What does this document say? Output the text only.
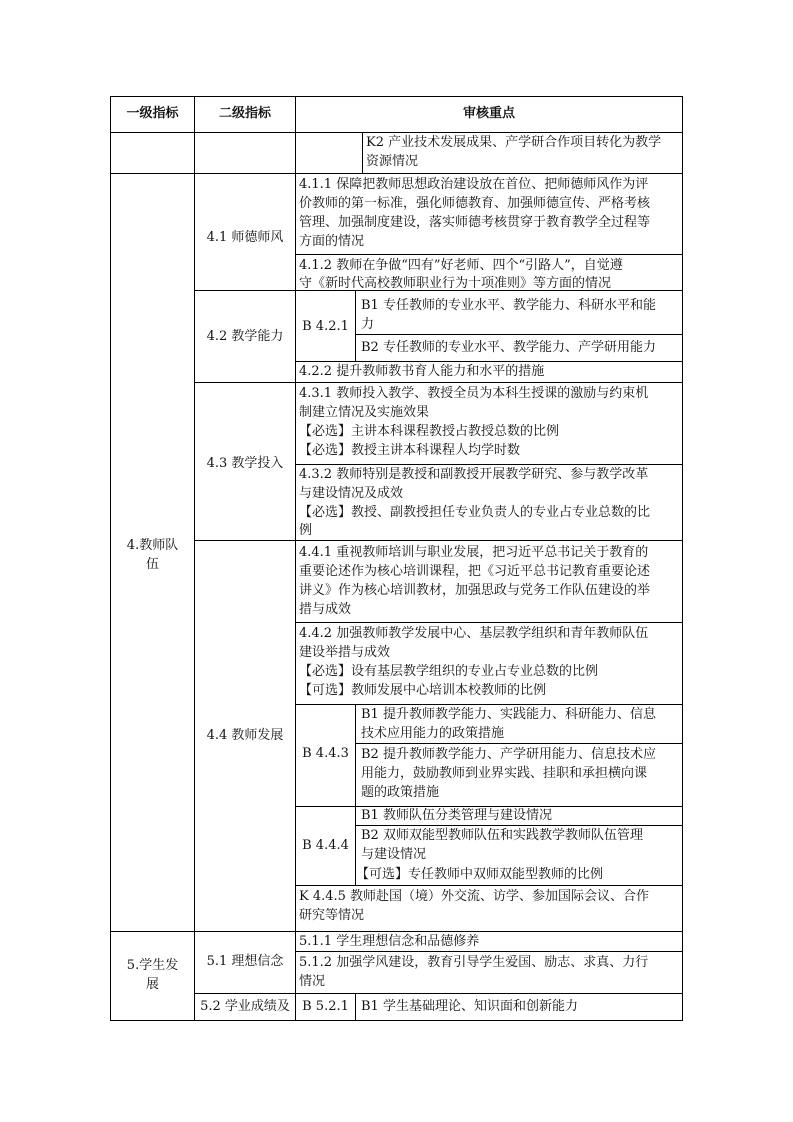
一级指标	二级指标	审核重点
K2 产业技术发展成果、产学研合作项目转化为教学
资源情况
4.教师队
伍
4.1 师德师风
4.1.1 保障把教师思想政治建设放在首位、把师德师风作为评
价教师的第一标准，强化师德教育、加强师德宣传、严格考核
管理、加强制度建设，落实师德考核贯穿于教育教学全过程等
方面的情况
4.1.2 教师在争做“四有”好老师、四个“引路人”，自觉遵
守《新时代高校教师职业行为十项准则》等方面的情况
4.2 教学能力
B 4.2.1
B1 专任教师的专业水平、教学能力、科研水平和能
力
B2 专任教师的专业水平、教学能力、产学研用能力
4.2.2 提升教师教书育人能力和水平的措施
4.3 教学投入
4.3.1 教师投入教学、教授全员为本科生授课的激励与约束机
制建立情况及实施效果
【必选】主讲本科课程教授占教授总数的比例
【必选】教授主讲本科课程人均学时数
4.3.2 教师特别是教授和副教授开展教学研究、参与教学改革
与建设情况及成效
【必选】教授、副教授担任专业负责人的专业占专业总数的比
例
4.4 教师发展
4.4.1 重视教师培训与职业发展，把习近平总书记关于教育的
重要论述作为核心培训课程，把《习近平总书记教育重要论述
讲义》作为核心培训教材，加强思政与党务工作队伍建设的举
措与成效
4.4.2 加强教师教学发展中心、基层教学组织和青年教师队伍
建设举措与成效
【必选】设有基层教学组织的专业占专业总数的比例
【可选】教师发展中心培训本校教师的比例
B 4.4.3
B1 提升教师教学能力、实践能力、科研能力、信息
技术应用能力的政策措施
B2 提升教师教学能力、产学研用能力、信息技术应
用能力，鼓励教师到业界实践、挂职和承担横向课
题的政策措施
B 4.4.4
B1 教师队伍分类管理与建设情况
B2 双师双能型教师队伍和实践教学教师队伍管理
与建设情况
【可选】专任教师中双师双能型教师的比例
K 4.4.5 教师赴国（境）外交流、访学、参加国际会议、合作
研究等情况
5.学生发
展
5.1 理想信念
5.1.1 学生理想信念和品德修养
5.1.2 加强学风建设，教育引导学生爱国、励志、求真、力行
情况
5.2 学业成绩及 B 5.2.1 B1 学生基础理论、知识面和创新能力
